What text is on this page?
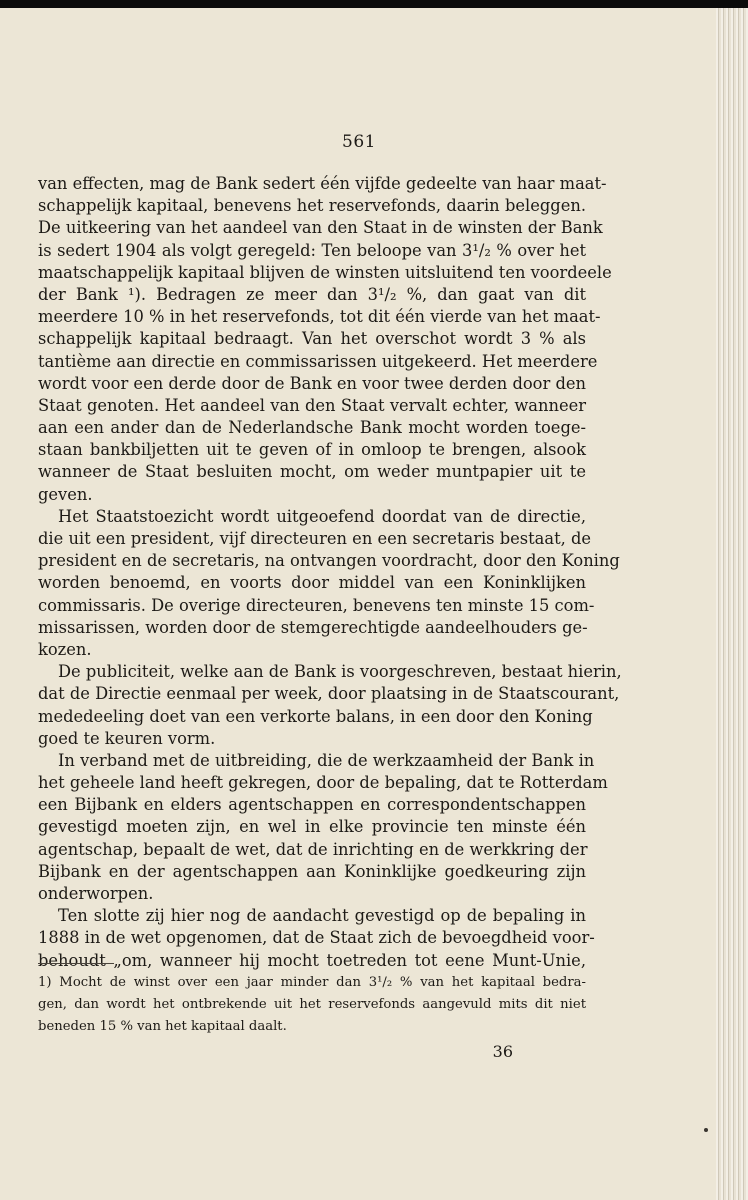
561
van effecten, mag de Bank sedert één vijfde gedeelte van haar maat-
schappelijk kapitaal, benevens het reservefonds, daarin beleggen.
De uitkeering van het aandeel van den Staat in de winsten der Bank
is sedert 1904 als volgt geregeld: Ten beloope van 3¹/₂ % over het
maatschappelijk kapitaal blijven de winsten uitsluitend ten voordeele
der Bank ¹). Bedragen ze meer dan 3¹/₂ %, dan gaat van dit
meerdere 10 % in het reservefonds, tot dit één vierde van het maat-
schappelijk kapitaal bedraagt. Van het overschot wordt 3 % als
tantième aan directie en commissarissen uitgekeerd. Het meerdere
wordt voor een derde door de Bank en voor twee derden door den
Staat genoten. Het aandeel van den Staat vervalt echter, wanneer
aan een ander dan de Nederlandsche Bank mocht worden toege-
staan bankbiljetten uit te geven of in omloop te brengen, alsook
wanneer de Staat besluiten mocht, om weder muntpapier uit te
geven.
Het Staatstoezicht wordt uitgeoefend doordat van de directie,
die uit een president, vijf directeuren en een secretaris bestaat, de
president en de secretaris, na ontvangen voordracht, door den Koning
worden benoemd, en voorts door middel van een Koninklijken
commissaris. De overige directeuren, benevens ten minste 15 com-
missarissen, worden door de stemgerechtigde aandeelhouders ge-
kozen.
De publiciteit, welke aan de Bank is voorgeschreven, bestaat hierin,
dat de Directie eenmaal per week, door plaatsing in de Staatscourant,
mededeeling doet van een verkorte balans, in een door den Koning
goed te keuren vorm.
In verband met de uitbreiding, die de werkzaamheid der Bank in
het geheele land heeft gekregen, door de bepaling, dat te Rotterdam
een Bijbank en elders agentschappen en correspondentschappen
gevestigd moeten zijn, en wel in elke provincie ten minste één
agentschap, bepaalt de wet, dat de inrichting en de werkkring der
Bijbank en der agentschappen aan Koninklijke goedkeuring zijn
onderworpen.
Ten slotte zij hier nog de aandacht gevestigd op de bepaling in
1888 in de wet opgenomen, dat de Staat zich de bevoegdheid voor-
behoudt „om, wanneer hij mocht toetreden tot eene Munt-Unie,
1) Mocht de winst over een jaar minder dan 3¹/₂ % van het kapitaal bedra-
gen, dan wordt het ontbrekende uit het reservefonds aangevuld mits dit niet
beneden 15 % van het kapitaal daalt.
36
